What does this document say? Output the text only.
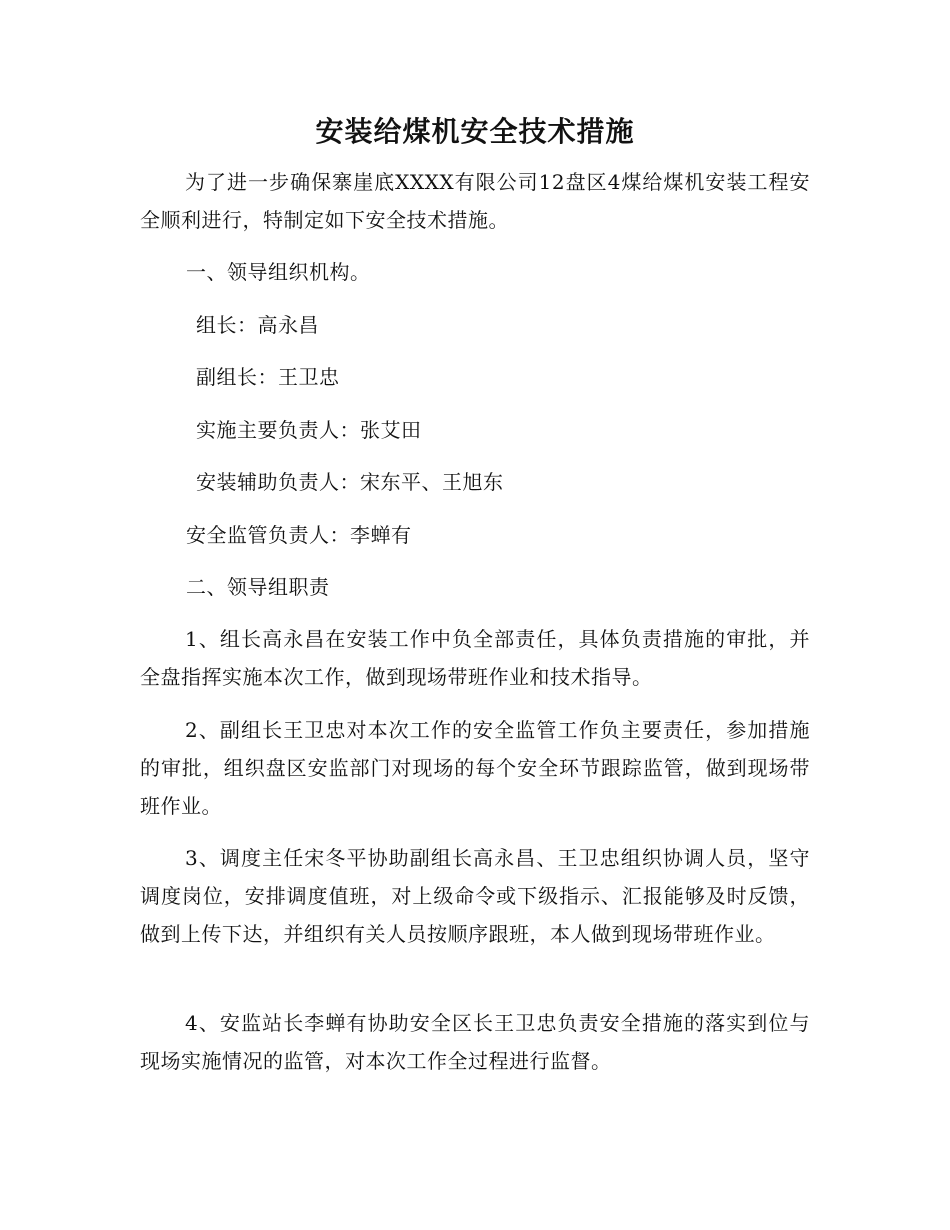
安装给煤机安全技术措施

为了进一步确保寨崖底XXXX有限公司12盘区4煤给煤机安装工程安全顺利进行，特制定如下安全技术措施。

一、领导组织机构。
组长：高永昌
副组长：王卫忠
实施主要负责人：张艾田
安装辅助负责人：宋东平、王旭东
安全监管负责人：李蝉有
二、领导组职责

1、组长高永昌在安装工作中负全部责任，具体负责措施的审批，并全盘指挥实施本次工作，做到现场带班作业和技术指导。

2、副组长王卫忠对本次工作的安全监管工作负主要责任，参加措施的审批，组织盘区安监部门对现场的每个安全环节跟踪监管，做到现场带班作业。

3、调度主任宋冬平协助副组长高永昌、王卫忠组织协调人员，坚守调度岗位，安排调度值班，对上级命令或下级指示、汇报能够及时反馈，做到上传下达，并组织有关人员按顺序跟班，本人做到现场带班作业。

4、安监站长李蝉有协助安全区长王卫忠负责安全措施的落实到位与现场实施情况的监管，对本次工作全过程进行监督。
